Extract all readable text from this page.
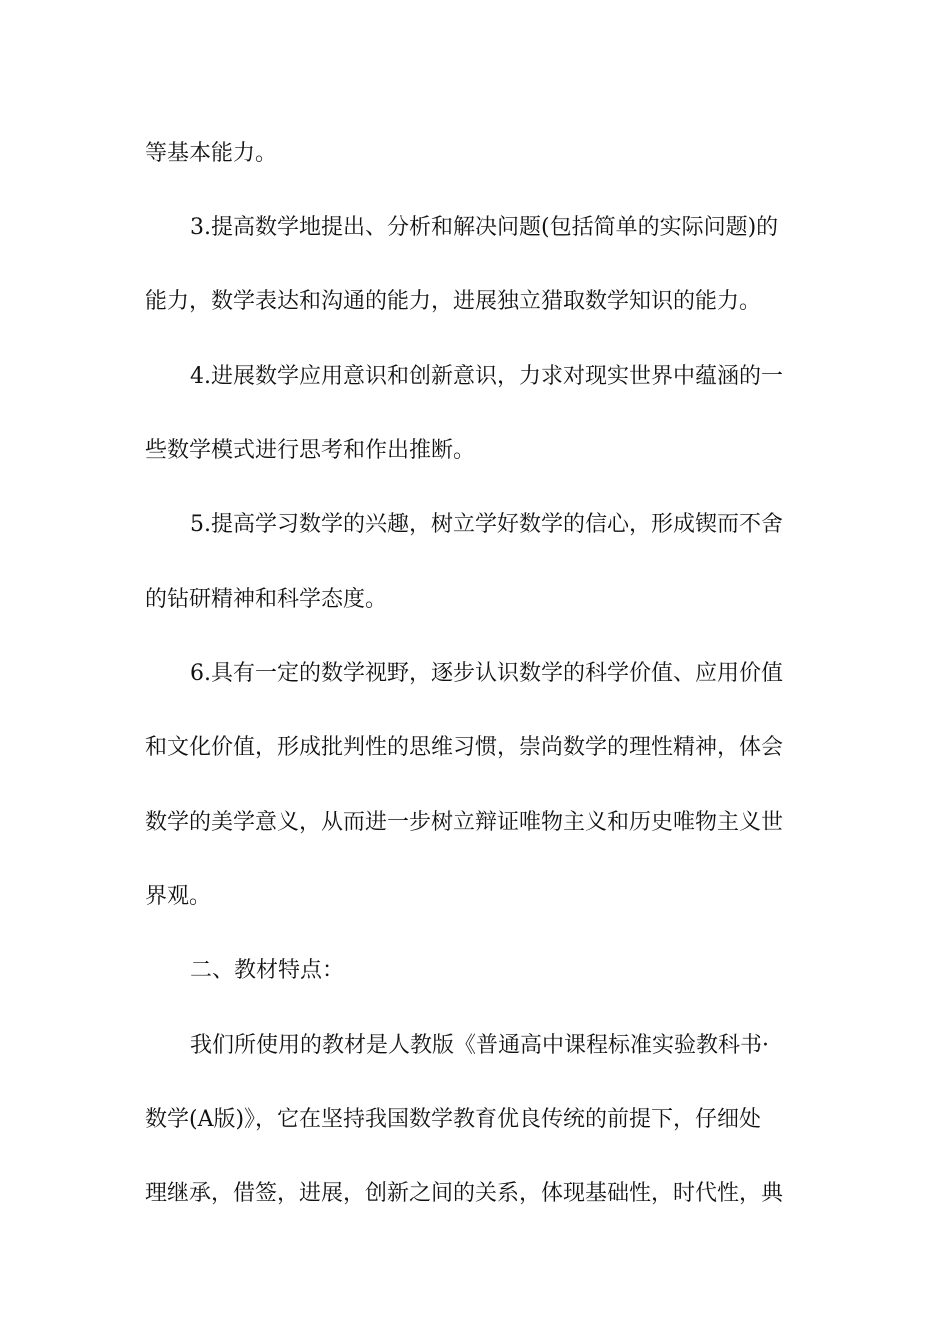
等基本能力。
3.提高数学地提出、分析和解决问题(包括简单的实际问题)的
能力，数学表达和沟通的能力，进展独立猎取数学知识的能力。
4.进展数学应用意识和创新意识，力求对现实世界中蕴涵的一
些数学模式进行思考和作出推断。
5.提高学习数学的兴趣，树立学好数学的信心，形成锲而不舍
的钻研精神和科学态度。
6.具有一定的数学视野，逐步认识数学的科学价值、应用价值
和文化价值，形成批判性的思维习惯，崇尚数学的理性精神，体会
数学的美学意义，从而进一步树立辩证唯物主义和历史唯物主义世
界观。
二、教材特点：
我们所使用的教材是人教版《普通高中课程标准实验教科书·
数学(A版)》，它在坚持我国数学教育优良传统的前提下，仔细处
理继承，借签，进展，创新之间的关系，体现基础性，时代性，典
